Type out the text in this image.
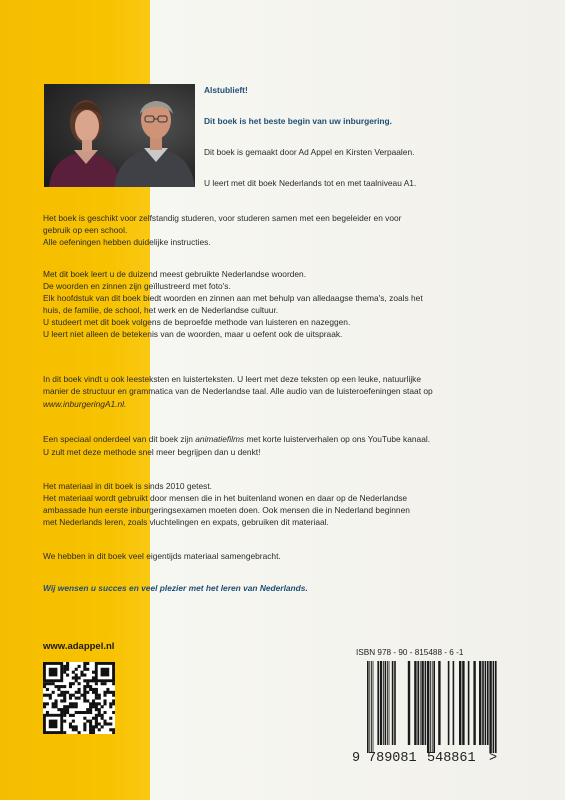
Alstublieft!

Dit boek is het beste begin van uw inburgering.

Dit boek is gemaakt door Ad Appel en Kirsten Verpaalen.

U leert met dit boek Nederlands tot en met taalniveau A1.

Het boek is geschikt voor zelfstandig studeren, voor studeren samen met een begeleider en voor

gebruik op een school.

Alle oefeningen hebben duidelijke instructies.

Met dit boek leert u de duizend meest gebruikte Nederlandse woorden.

De woorden en zinnen zijn geïllustreerd met foto's.

Elk hoofdstuk van dit boek biedt woorden en zinnen aan met behulp van alledaagse thema's, zoals het

huis, de familie, de school, het werk en de Nederlandse cultuur.

U studeert met dit boek volgens de beproefde methode van luisteren en nazeggen.

U leert niet alleen de betekenis van de woorden, maar u oefent ook de uitspraak.

In dit boek vindt u ook leesteksten en luisterteksten. U leert met deze teksten op een leuke, natuurlijke

manier de structuur en grammatica van de Nederlandse taal. Alle audio van de luisteroefeningen staat op

www.inburgeringA1.nl.

Een speciaal onderdeel van dit boek zijn animatiefilms met korte luisterverhalen op ons YouTube kanaal.

U zult met deze methode snel meer begrijpen dan u denkt!

Het materiaal in dit boek is sinds 2010 getest.

Het materiaal wordt gebruikt door mensen die in het buitenland wonen en daar op de Nederlandse

ambassade hun eerste inburgeringsexamen moeten doen. Ook mensen die in Nederland beginnen

met Nederlands leren, zoals vluchtelingen en expats, gebruiken dit materiaal.

We hebben in dit boek veel eigentijds materiaal samengebracht.

Wij wensen u succes en veel plezier met het leren van Nederlands.

www.adappel.nl
ISBN 978 - 90 - 815488 - 6 -1
9 789081 548861 >
